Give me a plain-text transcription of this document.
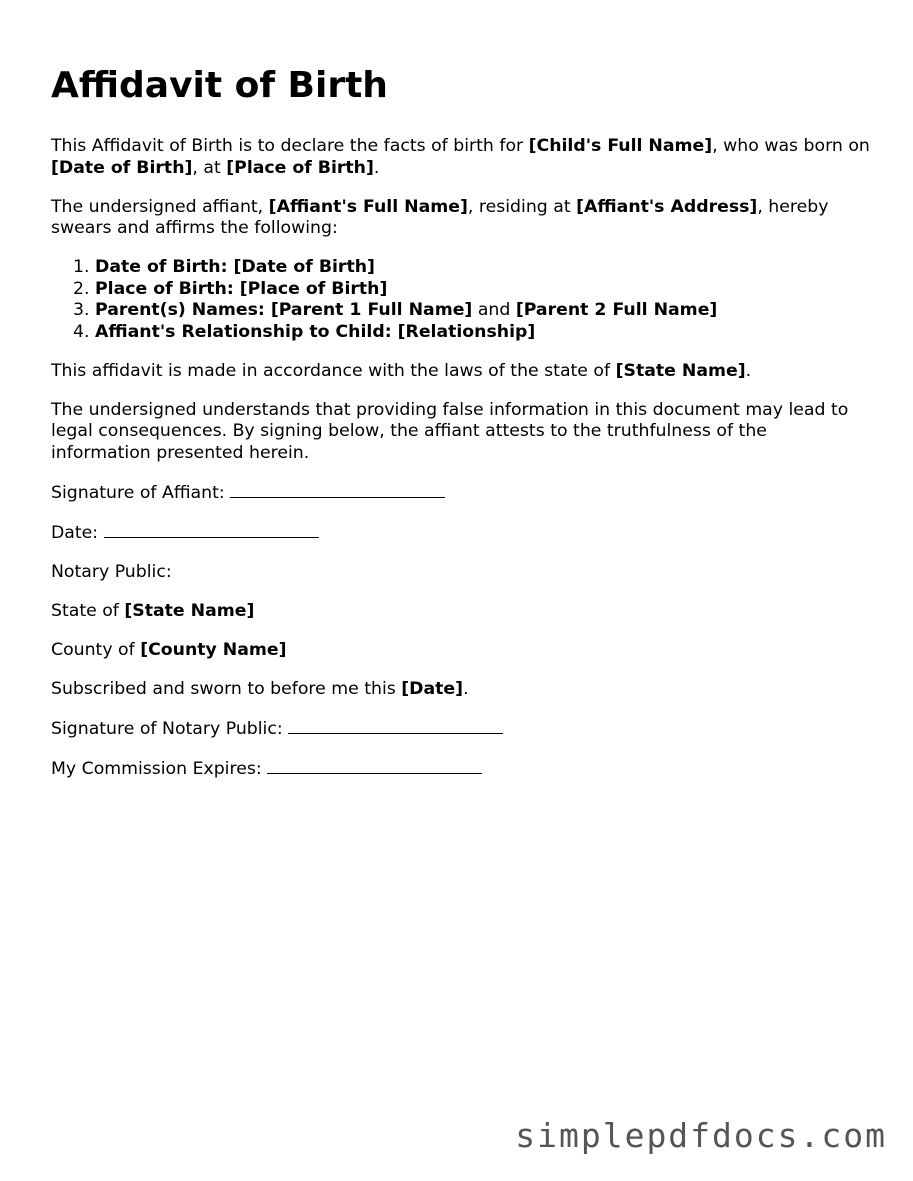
Affidavit of Birth

This Affidavit of Birth is to declare the facts of birth for [Child's Full Name], who was born on [Date of Birth], at [Place of Birth].

The undersigned affiant, [Affiant's Full Name], residing at [Affiant's Address], hereby swears and affirms the following:

1. Date of Birth: [Date of Birth]
2. Place of Birth: [Place of Birth]
3. Parent(s) Names: [Parent 1 Full Name] and [Parent 2 Full Name]
4. Affiant's Relationship to Child: [Relationship]

This affidavit is made in accordance with the laws of the state of [State Name].

The undersigned understands that providing false information in this document may lead to legal consequences. By signing below, the affiant attests to the truthfulness of the information presented herein.

Signature of Affiant:

Date:

Notary Public:

State of [State Name]

County of [County Name]

Subscribed and sworn to before me this [Date].

Signature of Notary Public:

My Commission Expires:

simplepdfdocs.com
